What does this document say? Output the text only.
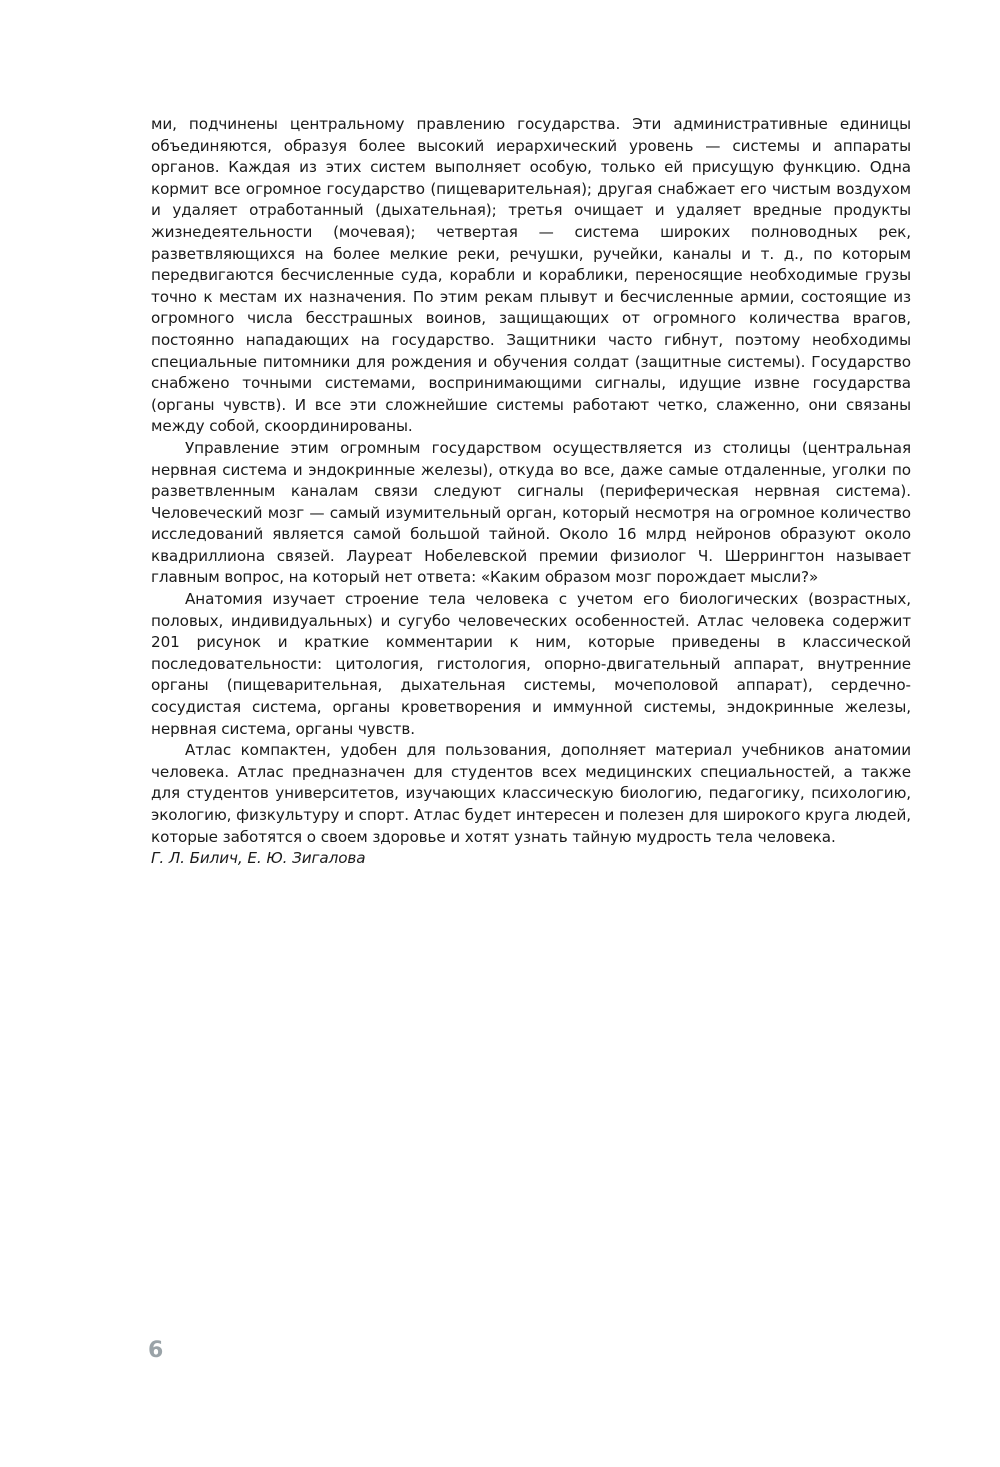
ми, подчинены центральному правлению государства. Эти административные единицы объединяются, образуя более высокий иерархический уровень — системы и аппараты органов. Каждая из этих систем выполняет особую, только ей присущую функцию. Одна кормит все огромное государство (пищеварительная); другая снабжает его чистым воздухом и удаляет отработанный (дыхательная); третья очищает и удаляет вредные продукты жизнедеятельности (мочевая); четвертая — система широких полноводных рек, разветвляющихся на более мелкие реки, речушки, ручейки, каналы и т. д., по которым передвигаются бесчисленные суда, корабли и кораблики, переносящие необходимые грузы точно к местам их назначения. По этим рекам плывут и бесчисленные армии, состоящие из огромного числа бесстрашных воинов, защищающих от огромного количества врагов, постоянно нападающих на государство. Защитники часто гибнут, поэтому необходимы специальные питомники для рождения и обучения солдат (защитные системы). Государство снабжено точными системами, воспринимающими сигналы, идущие извне государства (органы чувств). И все эти сложнейшие системы работают четко, слаженно, они связаны между собой, скоординированы.

Управление этим огромным государством осуществляется из столицы (центральная нервная система и эндокринные железы), откуда во все, даже самые отдаленные, уголки по разветвленным каналам связи следуют сигналы (периферическая нервная система). Человеческий мозг — самый изумительный орган, который несмотря на огромное количество исследований является самой большой тайной. Около 16 млрд нейронов образуют около квадриллиона связей. Лауреат Нобелевской премии физиолог Ч. Шеррингтон называет главным вопрос, на который нет ответа: «Каким образом мозг порождает мысли?»

Анатомия изучает строение тела человека с учетом его биологических (возрастных, половых, индивидуальных) и сугубо человеческих особенностей. Атлас человека содержит 201 рисунок и краткие комментарии к ним, которые приведены в классической последовательности: цитология, гистология, опорно-двигательный аппарат, внутренние органы (пищеварительная, дыхательная системы, мочеполовой аппарат), сердечнососудистая система, органы кроветворения и иммунной системы, эндокринные железы, нервная система, органы чувств.

Атлас компактен, удобен для пользования, дополняет материал учебников анатомии человека. Атлас предназначен для студентов всех медицинских специальностей, а также для студентов университетов, изучающих классическую биологию, педагогику, психологию, экологию, физкультуру и спорт. Атлас будет интересен и полезен для широкого круга людей, которые заботятся о своем здоровье и хотят узнать тайную мудрость тела человека.

Г. Л. Билич, Е. Ю. Зигалова

6
